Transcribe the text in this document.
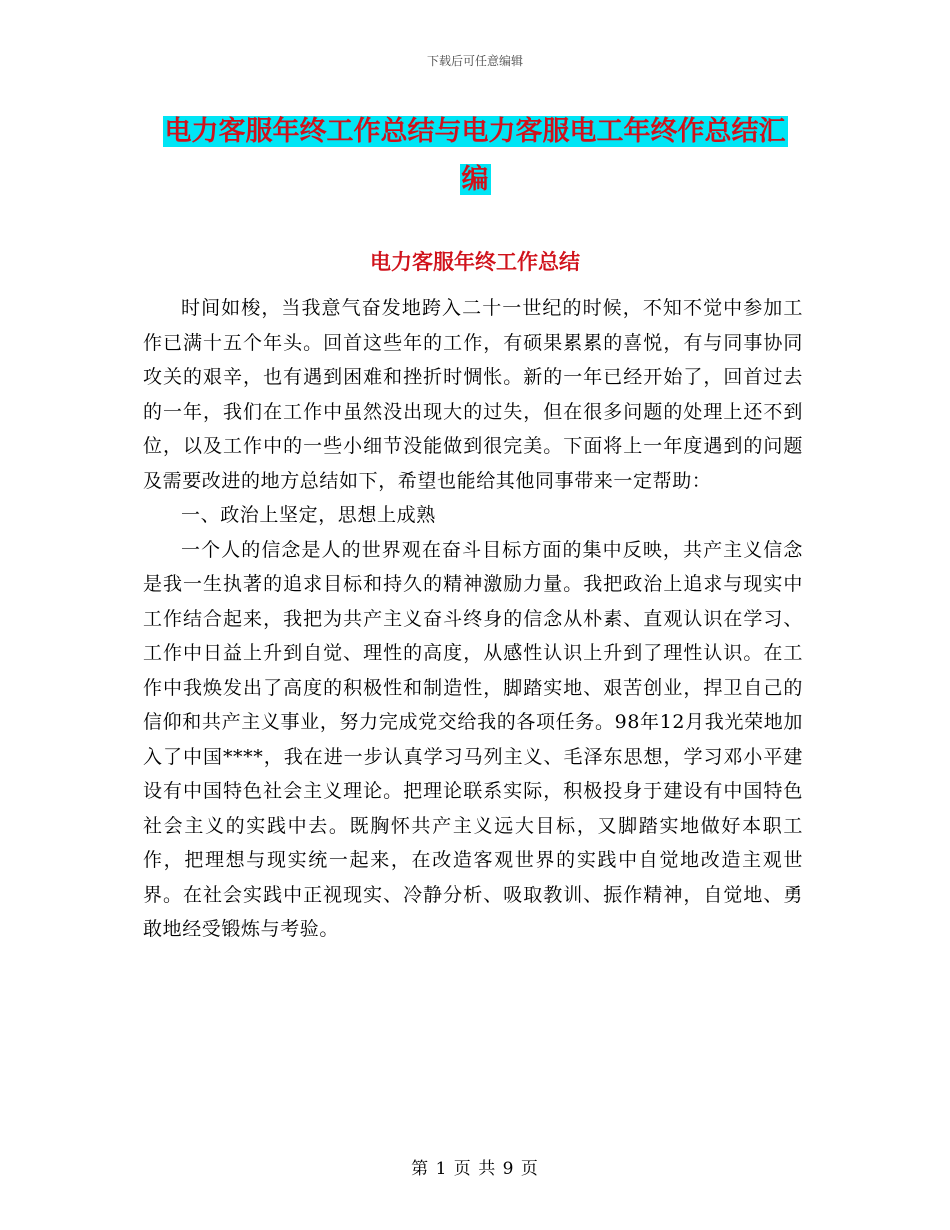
下载后可任意编辑
电力客服年终工作总结与电力客服电工年终作总结汇
编
电力客服年终工作总结

时间如梭，当我意气奋发地跨入二十一世纪的时候，不知不觉中参加工作已满十五个年头。回首这些年的工作，有硕果累累的喜悦，有与同事协同攻关的艰辛，也有遇到困难和挫折时惆怅。新的一年已经开始了，回首过去的一年，我们在工作中虽然没出现大的过失，但在很多问题的处理上还不到位，以及工作中的一些小细节没能做到很完美。下面将上一年度遇到的问题及需要改进的地方总结如下，希望也能给其他同事带来一定帮助：

一、政治上坚定，思想上成熟

一个人的信念是人的世界观在奋斗目标方面的集中反映，共产主义信念是我一生执著的追求目标和持久的精神激励力量。我把政治上追求与现实中工作结合起来，我把为共产主义奋斗终身的信念从朴素、直观认识在学习、工作中日益上升到自觉、理性的高度，从感性认识上升到了理性认识。在工作中我焕发出了高度的积极性和制造性，脚踏实地、艰苦创业，捍卫自己的信仰和共产主义事业，努力完成党交给我的各项任务。98年12月我光荣地加入了中国****，我在进一步认真学习马列主义、毛泽东思想，学习邓小平建设有中国特色社会主义理论。把理论联系实际，积极投身于建设有中国特色社会主义的实践中去。既胸怀共产主义远大目标，又脚踏实地做好本职工作，把理想与现实统一起来，在改造客观世界的实践中自觉地改造主观世界。在社会实践中正视现实、冷静分析、吸取教训、振作精神，自觉地、勇敢地经受锻炼与考验。

第 1 页 共 9 页
